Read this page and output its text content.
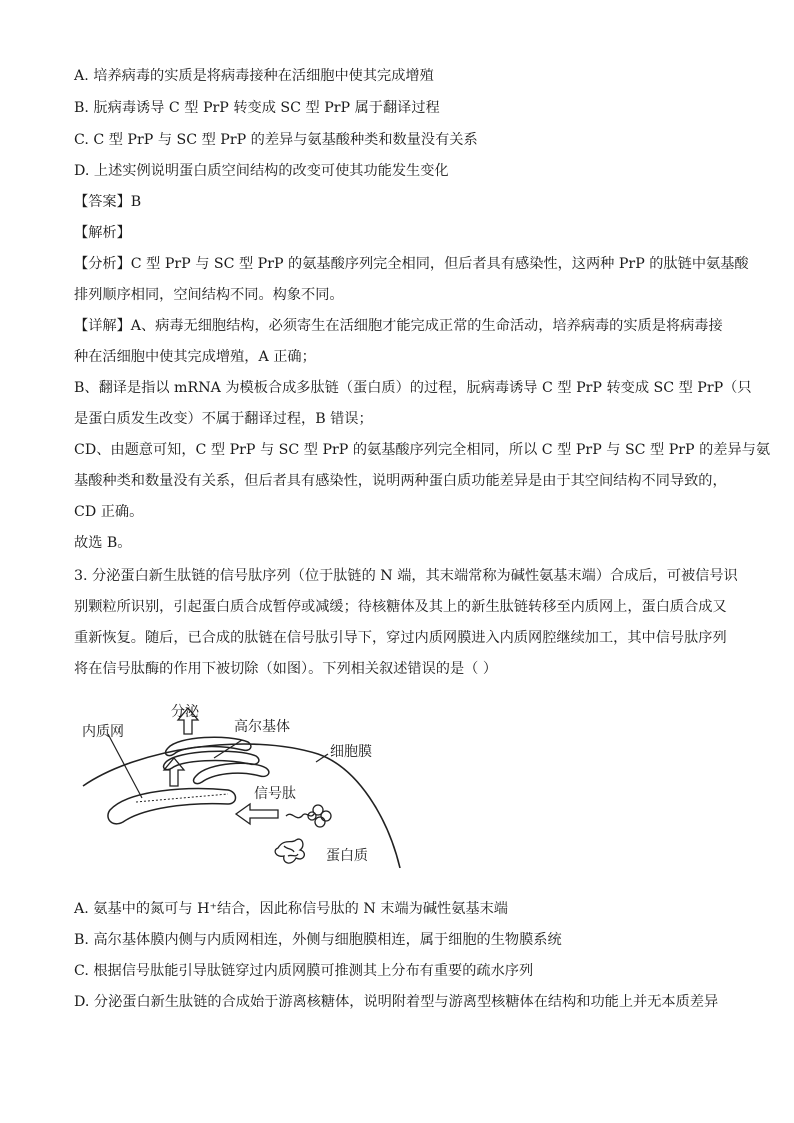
A. 培养病毒的实质是将病毒接种在活细胞中使其完成增殖
B. 朊病毒诱导 C 型 PrP 转变成 SC 型 PrP 属于翻译过程
C. C 型 PrP 与 SC 型 PrP 的差异与氨基酸种类和数量没有关系
D. 上述实例说明蛋白质空间结构的改变可使其功能发生变化
【答案】B
【解析】
【分析】C 型 PrP 与 SC 型 PrP 的氨基酸序列完全相同，但后者具有感染性，这两种 PrP 的肽链中氨基酸
排列顺序相同，空间结构不同。构象不同。
【详解】A、病毒无细胞结构，必须寄生在活细胞才能完成正常的生命活动，培养病毒的实质是将病毒接
种在活细胞中使其完成增殖，A 正确；
B、翻译是指以 mRNA 为模板合成多肽链（蛋白质）的过程，朊病毒诱导 C 型 PrP 转变成 SC 型 PrP（只
是蛋白质发生改变）不属于翻译过程，B 错误；
CD、由题意可知，C 型 PrP 与 SC 型 PrP 的氨基酸序列完全相同，所以 C 型 PrP 与 SC 型 PrP 的差异与氨
基酸种类和数量没有关系，但后者具有感染性，说明两种蛋白质功能差异是由于其空间结构不同导致的，
CD 正确。
故选 B。
3. 分泌蛋白新生肽链的信号肽序列（位于肽链的 N 端，其末端常称为碱性氨基末端）合成后，可被信号识
别颗粒所识别，引起蛋白质合成暂停或减缓；待核糖体及其上的新生肽链转移至内质网上，蛋白质合成又
重新恢复。随后，已合成的肽链在信号肽引导下，穿过内质网膜进入内质网腔继续加工，其中信号肽序列
将在信号肽酶的作用下被切除（如图）。下列相关叙述错误的是（ ）
分泌
高尔基体
内质网
细胞膜
信号肽
蛋白质
A. 氨基中的氮可与 H⁺结合，因此称信号肽的 N 末端为碱性氨基末端
B. 高尔基体膜内侧与内质网相连，外侧与细胞膜相连，属于细胞的生物膜系统
C. 根据信号肽能引导肽链穿过内质网膜可推测其上分布有重要的疏水序列
D. 分泌蛋白新生肽链的合成始于游离核糖体，说明附着型与游离型核糖体在结构和功能上并无本质差异
